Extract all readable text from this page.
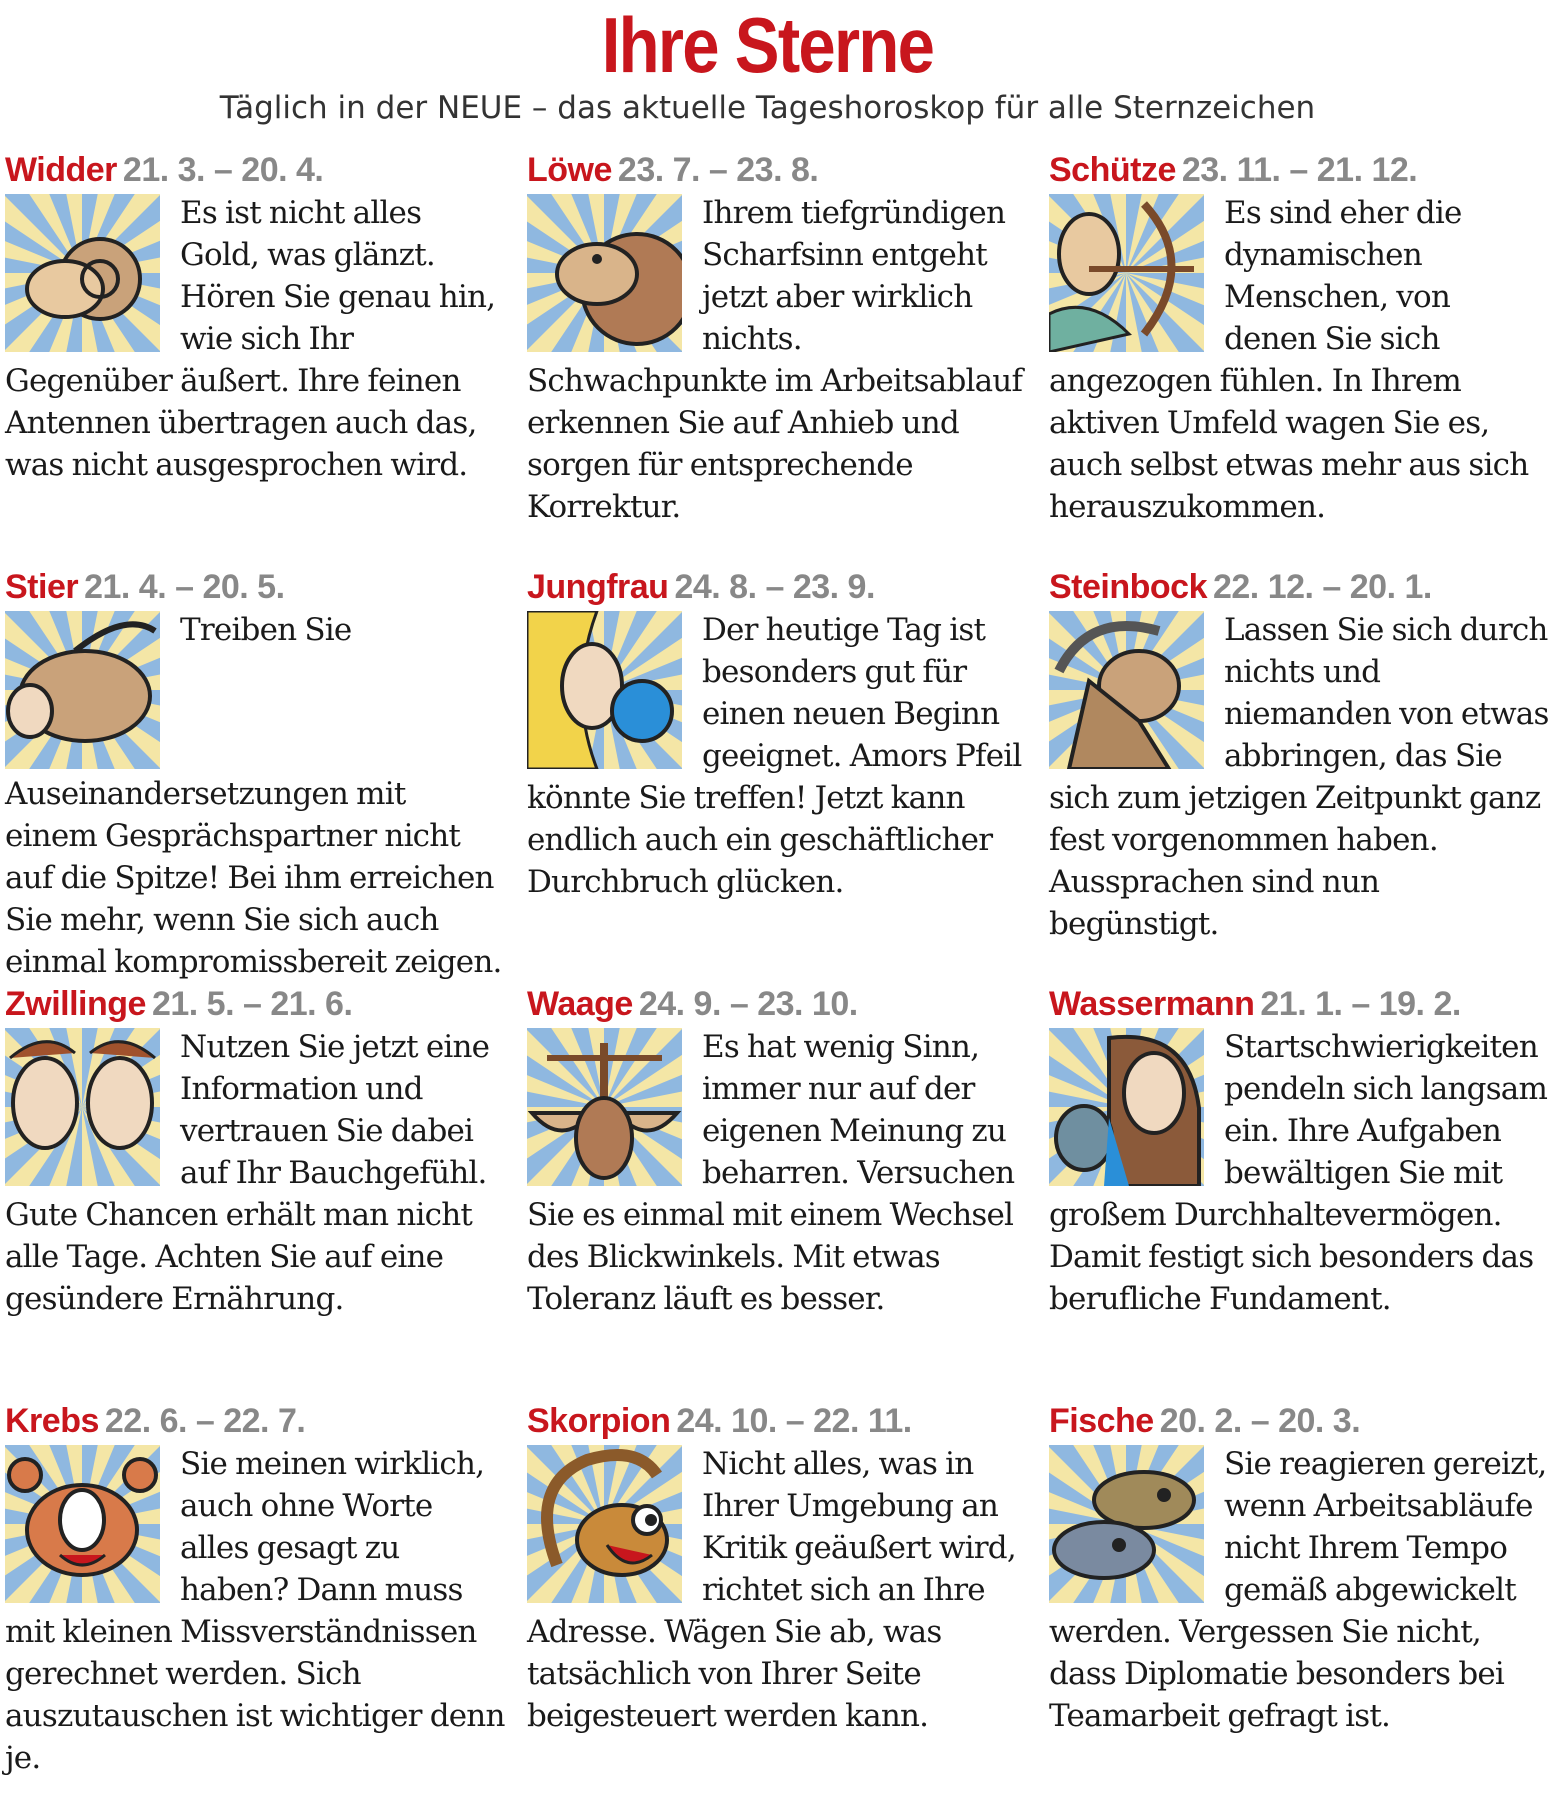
Ihre Sterne
Täglich in der NEUE – das aktuelle Tageshoroskop für alle Sternzeichen
Widder 21. 3. – 20. 4.

Es ist nicht alles Gold, was glänzt. Hören Sie genau hin, wie sich Ihr Gegenüber äußert. Ihre feinen Antennen übertragen auch das, was nicht ausgesprochen wird.

Löwe 23. 7. – 23. 8.

Ihrem tiefgründigen Scharfsinn entgeht jetzt aber wirklich nichts. Schwachpunkte im Arbeitsablauf erkennen Sie auf Anhieb und sorgen für entsprechende Korrektur.

Schütze 23. 11. – 21. 12.

Es sind eher die dynamischen Menschen, von denen Sie sich angezogen fühlen. In Ihrem aktiven Umfeld wagen Sie es, auch selbst etwas mehr aus sich herauszukommen.

Stier 21. 4. – 20. 5.

Treiben Sie Auseinandersetzungen mit einem Gesprächspartner nicht auf die Spitze! Bei ihm erreichen Sie mehr, wenn Sie sich auch einmal kompromissbereit zeigen.

Jungfrau 24. 8. – 23. 9.

Der heutige Tag ist besonders gut für einen neuen Beginn geeignet. Amors Pfeil könnte Sie treffen! Jetzt kann endlich auch ein geschäftlicher Durchbruch glücken.

Steinbock 22. 12. – 20. 1.

Lassen Sie sich durch nichts und niemanden von etwas abbringen, das Sie sich zum jetzigen Zeitpunkt ganz fest vorgenommen haben. Aussprachen sind nun begünstigt.

Zwillinge 21. 5. – 21. 6.

Nutzen Sie jetzt eine Information und vertrauen Sie dabei auf Ihr Bauchgefühl. Gute Chancen erhält man nicht alle Tage. Achten Sie auf eine gesündere Ernährung.

Waage 24. 9. – 23. 10.

Es hat wenig Sinn, immer nur auf der eigenen Meinung zu beharren. Versuchen Sie es einmal mit einem Wechsel des Blickwinkels. Mit etwas Toleranz läuft es besser.

Wassermann 21. 1. – 19. 2.

Startschwierigkeiten pendeln sich langsam ein. Ihre Aufgaben bewältigen Sie mit großem Durchhaltevermögen. Damit festigt sich besonders das berufliche Fundament.

Krebs 22. 6. – 22. 7.

Sie meinen wirklich, auch ohne Worte alles gesagt zu haben? Dann muss mit kleinen Missverständnissen gerechnet werden. Sich auszutauschen ist wichtiger denn je.

Skorpion 24. 10. – 22. 11.

Nicht alles, was in Ihrer Umgebung an Kritik geäußert wird, richtet sich an Ihre Adresse. Wägen Sie ab, was tatsächlich von Ihrer Seite beigesteuert werden kann.

Fische 20. 2. – 20. 3.

Sie reagieren gereizt, wenn Arbeitsabläufe nicht Ihrem Tempo gemäß abgewickelt werden. Vergessen Sie nicht, dass Diplomatie besonders bei Teamarbeit gefragt ist.
